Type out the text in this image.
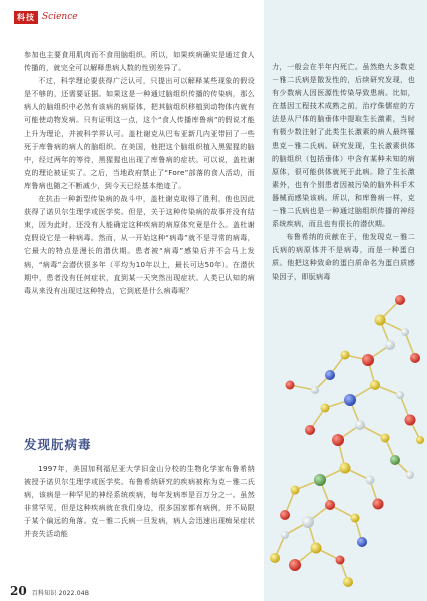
科技 Science

参加也主要食用肌肉而不食用脑组织。所以，如果疾病确实是通过食人传播的，就完全可以解释患病人数的性别差异了。

不过，科学理论要获得广泛认可，只提出可以解释某些现象的假设是不够的，还需要证据。如果这是一种通过脑组织传播的传染病，那么病人的脑组织中必然有该病的病原体，把其脑组织移植到动物体内就有可能使动物发病。只有证明这一点，这个“食人传播库鲁病”的假说才能上升为理论，并被科学界认可。盖杜谢克从巴布亚新几内亚带回了一些死于库鲁病的病人的脑组织。在美国，他把这个脑组织植入黑猩猩的脑中，经过两年的等待，黑猩猩也出现了库鲁病的症状。可以说，盖杜谢克的理论被证实了。之后，当地政府禁止了“Fore”部落的食人活动，而库鲁病也随之不断减少，到今天已经基本绝迹了。

在抗击一种新型传染病的战斗中，盖杜谢克取得了胜利，他也因此获得了诺贝尔生理学或医学奖。但是，关于这种传染病的故事并没有结束，因为此时，还没有人能确定这种疾病的病原体究竟是什么。盖杜谢克假设它是一种病毒。然而，从一开始这种“病毒”就不是寻常的病毒，它最大的特点是漫长的潜伏期。患者被“病毒”感染后并不会马上发病，“病毒”会潜伏很多年（平均为10年以上，最长可达50年）。在潜伏期中，患者没有任何症状，直到某一天突然出现症状。人类已认知的病毒从来没有出现过这种特点，它到底是什么病毒呢？

发现朊病毒

1997年，美国加利福尼亚大学旧金山分校的生物化学家布鲁希纳被授予诺贝尔生理学或医学奖。布鲁希纳研究的疾病被称为克－雅二氏病，该病是一种罕见的神经系统疾病，每年发病率是百万分之一。虽然非常罕见，但是这种疾病就在我们身边，很多国家都有病例，并不局限于某个偏远的角落。克－雅二氏病一旦发病，病人会迅速出现痴呆症状并丧失活动能

力，一般会在半年内死亡。虽然绝大多数克－雅二氏病是散发性的，后续研究发现，也有少数病人因医源性传染导致患病。比如，在基因工程技术成熟之前，治疗侏儒症的方法是从尸体的脑垂体中提取生长激素，当时有极少数注射了此类生长激素的病人最终罹患克－雅二氏病。研究发现，生长激素供体的脑组织（包括垂体）中含有某种未知的病原体，很可能供体就死于此病。除了生长激素外，也有个别患者因被污染的脑外科手术器械而感染该病。所以，和库鲁病一样，克－雅二氏病也是一种通过脑组织传播的神经系统疾病，而且也有很长的潜伏期。

布鲁希纳的贡献在于，他发现克－雅二氏病的病原体并不是病毒，而是一种蛋白质。他把这种致命的蛋白质命名为蛋白质感染因子，即朊病毒

20 百科知识 2022.04B
